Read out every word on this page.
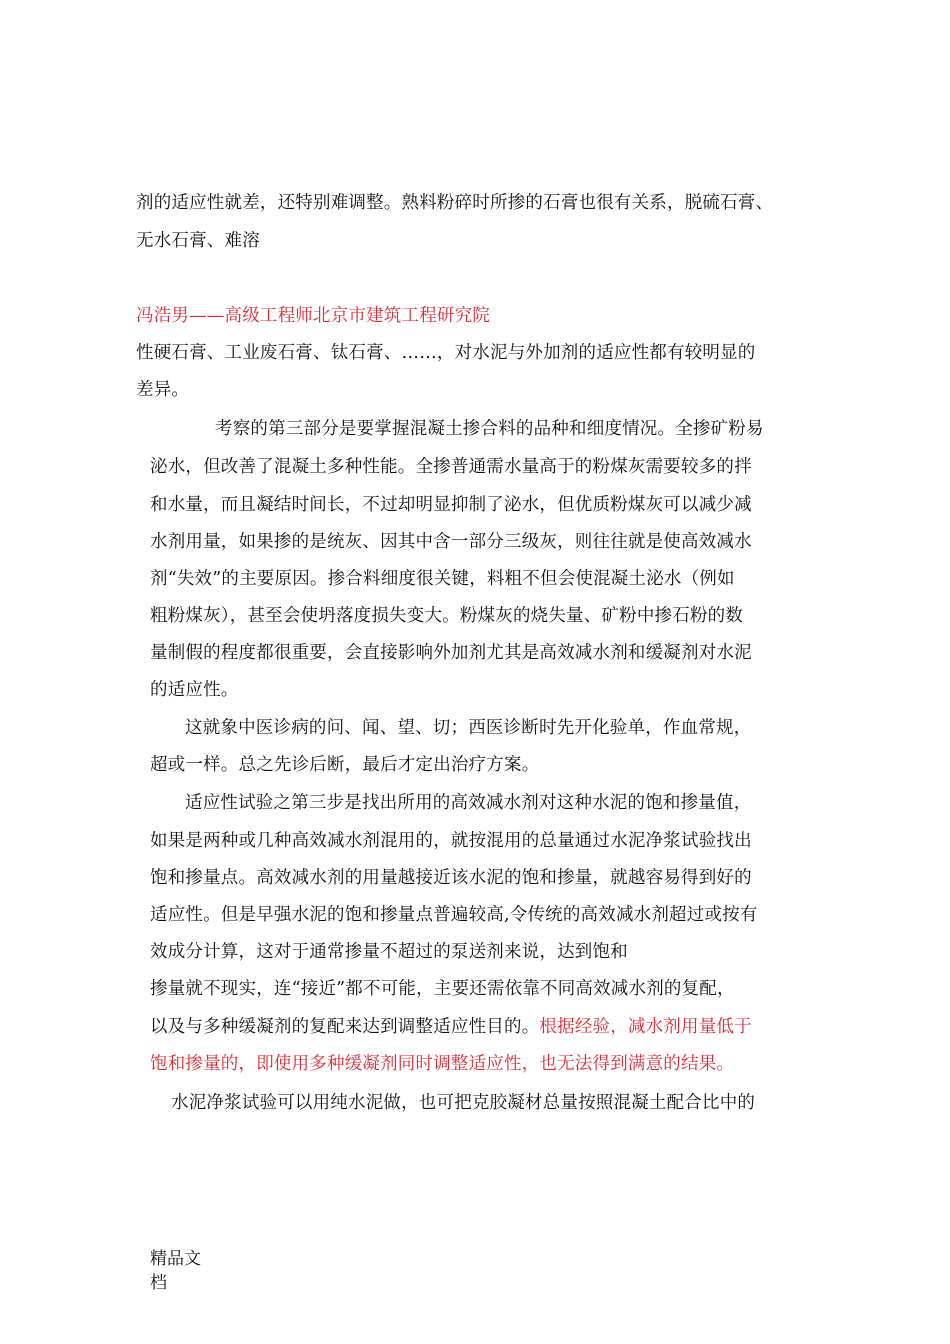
剂的适应性就差，还特别难调整。熟料粉碎时所掺的石膏也很有关系，脱硫石膏、

无水石膏、难溶

冯浩男——高级工程师北京市建筑工程研究院

性硬石膏、工业废石膏、钛石膏、……，对水泥与外加剂的适应性都有较明显的

差异。

考察的第三部分是要掌握混凝土掺合料的品种和细度情况。全掺矿粉易

泌水，但改善了混凝土多种性能。全掺普通需水量高于的粉煤灰需要较多的拌

和水量，而且凝结时间长，不过却明显抑制了泌水，但优质粉煤灰可以减少减

水剂用量，如果掺的是统灰、因其中含一部分三级灰，则往往就是使高效减水

剂“失效”的主要原因。掺合料细度很关键，料粗不但会使混凝土泌水（例如

粗粉煤灰），甚至会使坍落度损失变大。粉煤灰的烧失量、矿粉中掺石粉的数

量制假的程度都很重要，会直接影响外加剂尤其是高效减水剂和缓凝剂对水泥

的适应性。

这就象中医诊病的问、闻、望、切；西医诊断时先开化验单，作血常规，

超或一样。总之先诊后断，最后才定出治疗方案。

适应性试验之第三步是找出所用的高效减水剂对这种水泥的饱和掺量值，

如果是两种或几种高效减水剂混用的，就按混用的总量通过水泥净浆试验找出

饱和掺量点。高效减水剂的用量越接近该水泥的饱和掺量，就越容易得到好的

适应性。但是早强水泥的饱和掺量点普遍较高,令传统的高效减水剂超过或按有

效成分计算，这对于通常掺量不超过的泵送剂来说，达到饱和

掺量就不现实，连“接近”都不可能，主要还需依靠不同高效减水剂的复配，

以及与多种缓凝剂的复配来达到调整适应性目的。根据经验，减水剂用量低于

饱和掺量的，即使用多种缓凝剂同时调整适应性，也无法得到满意的结果。

水泥净浆试验可以用纯水泥做，也可把克胶凝材总量按照混凝土配合比中的

精品文档
